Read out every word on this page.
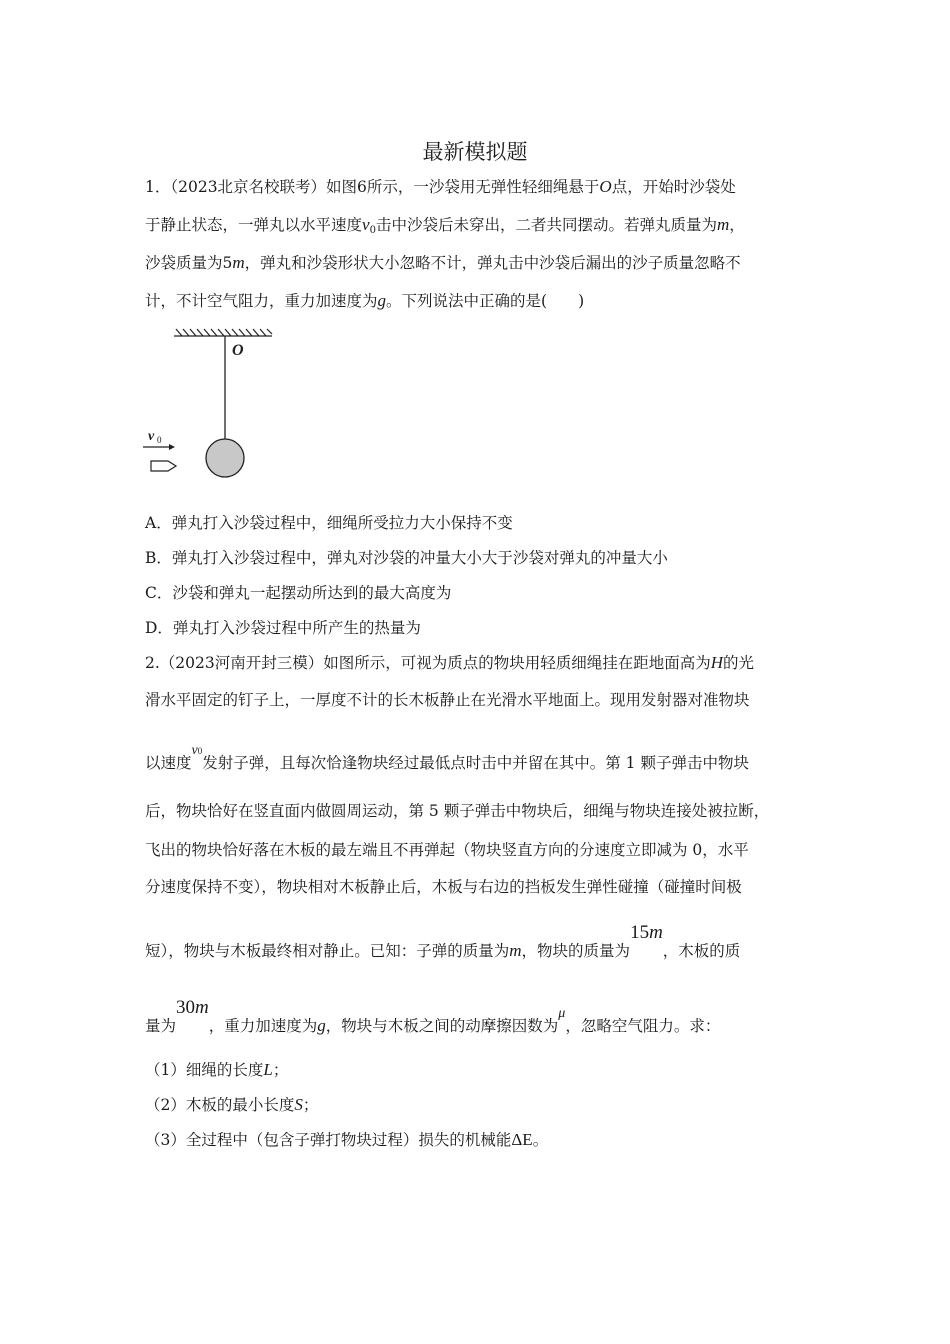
最新模拟题
1．（2023北京名校联考）如图6所示，一沙袋用无弹性轻细绳悬于O点，开始时沙袋处
于静止状态，一弹丸以水平速度$v_0$击中沙袋后未穿出，二者共同摆动。若弹丸质量为m，
沙袋质量为5m，弹丸和沙袋形状大小忽略不计，弹丸击中沙袋后漏出的沙子质量忽略不
计，不计空气阻力，重力加速度为g。下列说法中正确的是(　　)
O
v 0
A．弹丸打入沙袋过程中，细绳所受拉力大小保持不变
B．弹丸打入沙袋过程中，弹丸对沙袋的冲量大小大于沙袋对弹丸的冲量大小
C．沙袋和弹丸一起摆动所达到的最大高度为
D．弹丸打入沙袋过程中所产生的热量为
2.（2023河南开封三模）如图所示，可视为质点的物块用轻质细绳挂在距地面高为H的光
滑水平固定的钉子上，一厚度不计的长木板静止在光滑水平地面上。现用发射器对准物块
以速度v0发射子弹，且每次恰逢物块经过最低点时击中并留在其中。第 1 颗子弹击中物块
后，物块恰好在竖直面内做圆周运动，第 5 颗子弹击中物块后，细绳与物块连接处被拉断，
飞出的物块恰好落在木板的最左端且不再弹起（物块竖直方向的分速度立即减为 0，水平
分速度保持不变），物块相对木板静止后，木板与右边的挡板发生弹性碰撞（碰撞时间极
短），物块与木板最终相对静止。已知：子弹的质量为m，物块的质量为15m，木板的质
量为30m，重力加速度为g，物块与木板之间的动摩擦因数为μ，忽略空气阻力。求：
（1）细绳的长度L；
（2）木板的最小长度S；
（3）全过程中（包含子弹打物块过程）损失的机械能ΔE。
